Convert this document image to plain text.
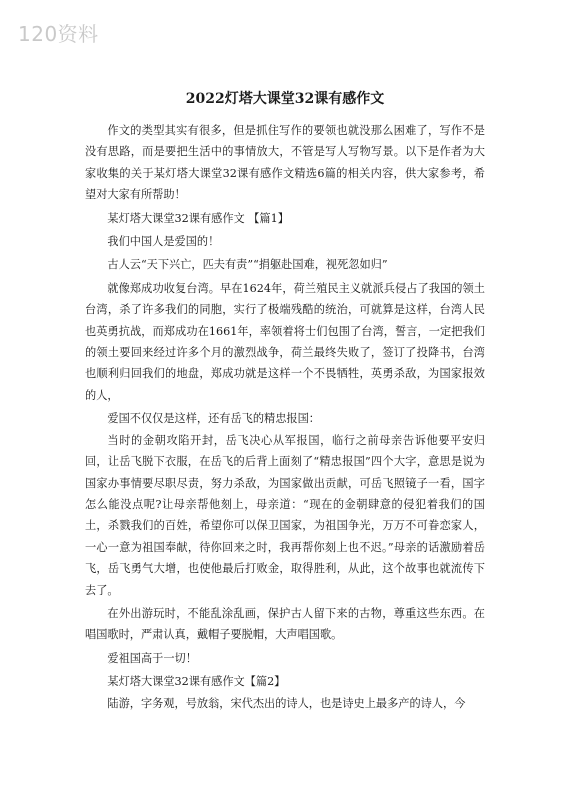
120资料
2022灯塔大课堂32课有感作文

作文的类型其实有很多，但是抓住写作的要领也就没那么困难了，写作不是没有思路，而是要把生活中的事情放大，不管是写人写物写景。以下是作者为大家收集的关于某灯塔大课堂32课有感作文精选6篇的相关内容，供大家参考，希望对大家有所帮助！

某灯塔大课堂32课有感作文 【篇1】

我们中国人是爱国的！

古人云“天下兴亡，匹夫有责”“捐躯赴国难，视死忽如归”

就像郑成功收复台湾。早在1624年，荷兰殖民主义就派兵侵占了我国的领土台湾，杀了许多我们的同胞，实行了极端残酷的统治，可就算是这样，台湾人民也英勇抗战，而郑成功在1661年，率领着将士们包围了台湾，誓言，一定把我们的领土要回来经过许多个月的激烈战争，荷兰最终失败了，签订了投降书，台湾也顺利归回我们的地盘，郑成功就是这样一个不畏牺牲，英勇杀敌，为国家报效的人，

爱国不仅仅是这样，还有岳飞的精忠报国：

当时的金朝攻陷开封，岳飞决心从军报国，临行之前母亲告诉他要平安归回，让岳飞脱下衣服，在岳飞的后背上面刻了“精忠报国”四个大字，意思是说为国家办事情要尽职尽责，努力杀敌，为国家做出贡献，可岳飞照镜子一看，国字怎么能没点呢?让母亲帮他刻上，母亲道：“现在的金朝肆意的侵犯着我们的国土，杀戮我们的百姓，希望你可以保卫国家，为祖国争光，万万不可眷恋家人，一心一意为祖国奉献，待你回来之时，我再帮你刻上也不迟。”母亲的话激励着岳飞，岳飞勇气大增，也使他最后打败金，取得胜利，从此，这个故事也就流传下去了。

在外出游玩时，不能乱涂乱画，保护古人留下来的古物，尊重这些东西。在唱国歌时，严肃认真，戴帽子要脱帽，大声唱国歌。

爱祖国高于一切！

某灯塔大课堂32课有感作文【篇2】

陆游，字务观，号放翁，宋代杰出的诗人，也是诗史上最多产的诗人，今
